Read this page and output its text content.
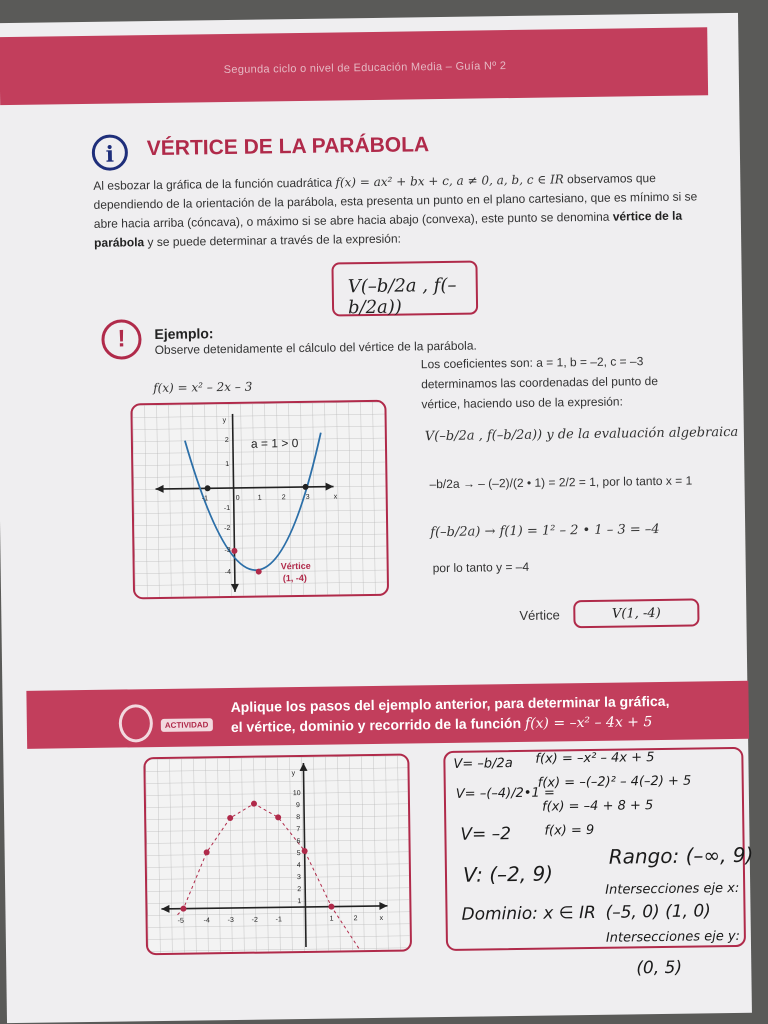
Segunda ciclo o nivel de Educación Media – Guía Nº 2
i	VÉRTICE DE LA PARÁBOLA
Al esbozar la gráfica de la función cuadrática f(x) = ax² + bx + c, a ≠ 0, a, b, c ∈ IR observamos que dependiendo de la orientación de la parábola, esta presenta un punto en el plano cartesiano, que es mínimo si se abre hacia arriba (cóncava), o máximo si se abre hacia abajo (convexa), este punto se denomina vértice de la parábola y se puede determinar a través de la expresión:
V(–b/2a , f(–b/2a))
!	Ejemplo:
Observe detenidamente el cálculo del vértice de la parábola.
f(x) = x² – 2x – 3
a = 1 > 0
Vértice
(1, -4)
-1	0	1	2	3	x
y
2
1
-1
-2
-3
-4
Los coeficientes son: a = 1, b = –2, c = –3
determinamos las coordenadas del punto de
vértice, haciendo uso de la expresión:
V(–b/2a , f(–b/2a)) y de la evaluación algebraica
–b/2a → – (–2)/(2 • 1) = 2/2 = 1, por lo tanto x = 1
f(–b/2a) → f(1) = 1² – 2 • 1 – 3 = –4
por lo tanto y = –4
Vértice	V(1, -4)
ACTIVIDAD
Aplique los pasos del ejemplo anterior, para determinar la gráfica,
el vértice, dominio y recorrido de la función f(x) = –x² – 4x + 5
-5	-4	-3	-2	-1	1	2	x
y
10
9
8
7
6
5
4
3
2
1
V= –b/2a
V= –(–4)/2•1 =
V= –2
f(x) = –x² – 4x + 5
f(x) = –(–2)² – 4(–2) + 5
f(x) = –4 + 8 + 5
f(x) = 9
V: (–2, 9)
Rango: (–∞, 9)
Intersecciones eje x:
Dominio: x ∈ IR (–5, 0) (1, 0)
Intersecciones eje y:
(0, 5)
